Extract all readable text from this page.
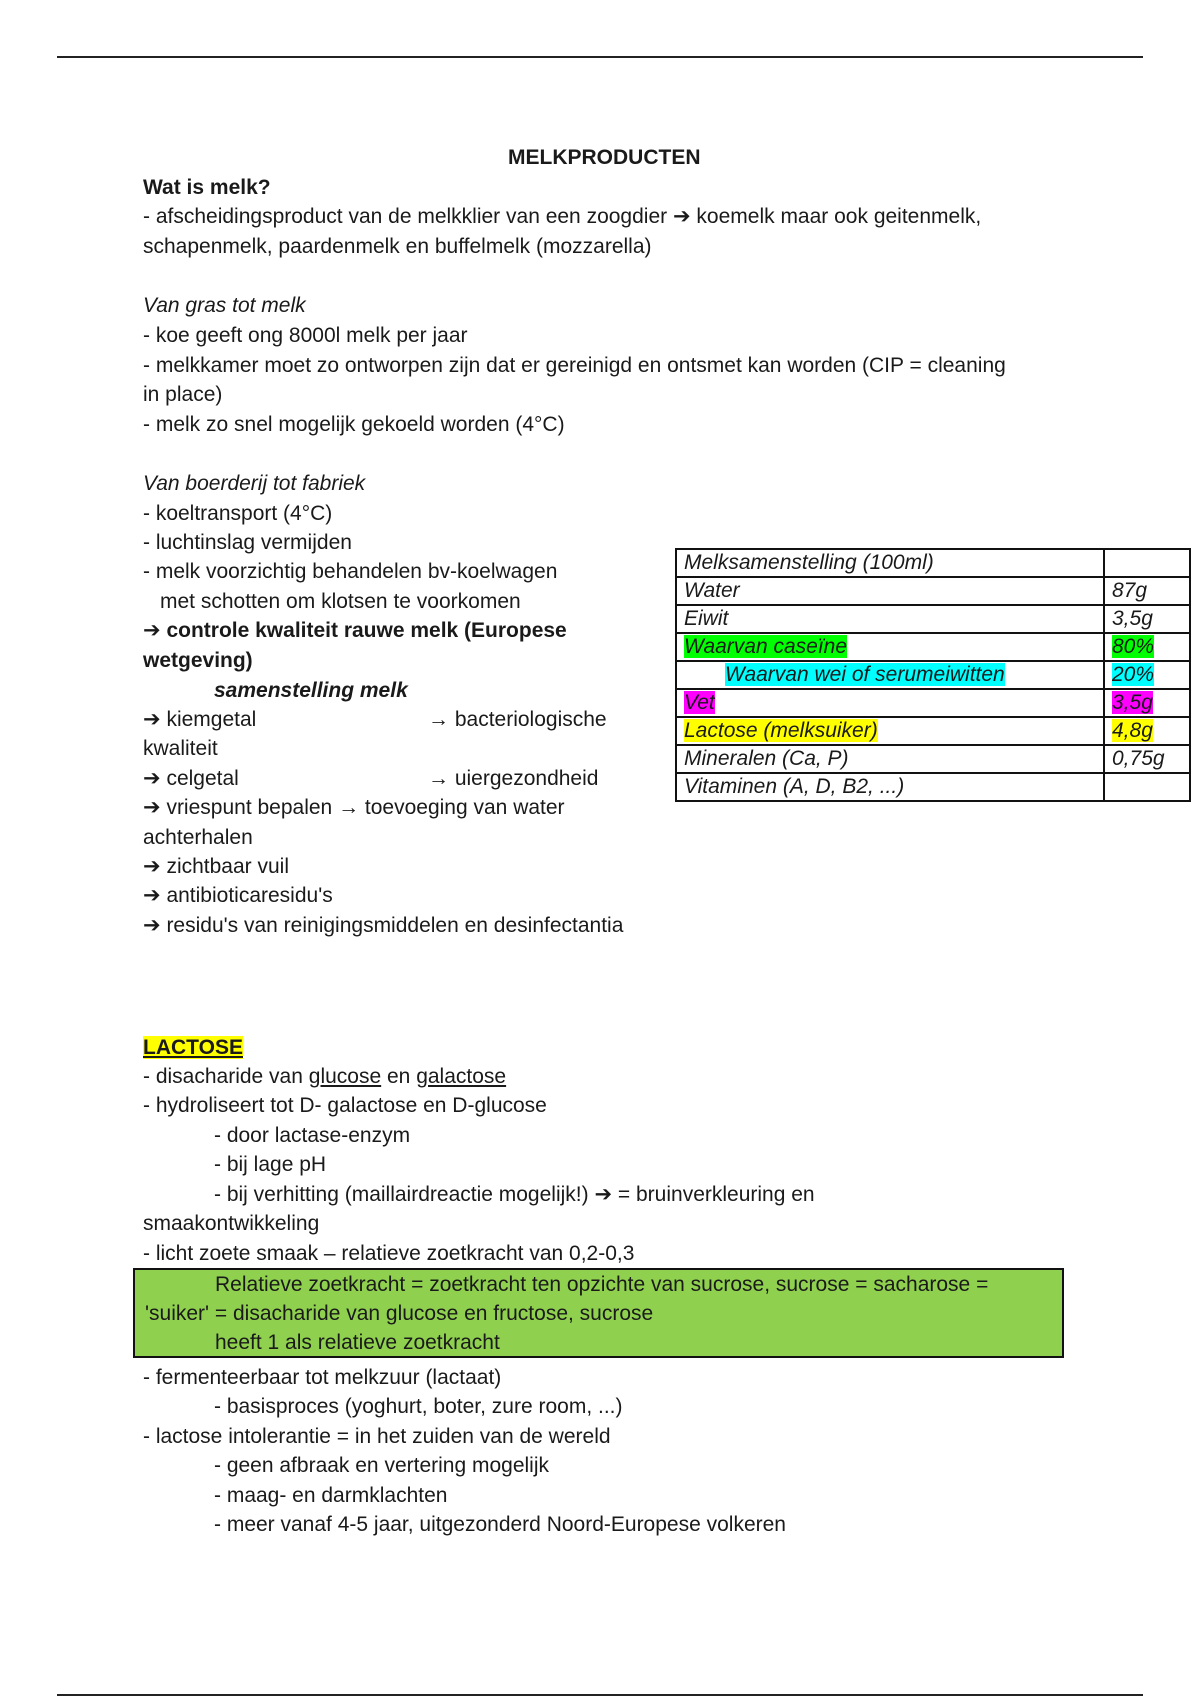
MELKPRODUCTEN
Wat is melk?
- afscheidingsproduct van de melkklier van een zoogdier ➔ koemelk maar ook geitenmelk,
schapenmelk, paardenmelk en buffelmelk (mozzarella)
Van gras tot melk
- koe geeft ong 8000l melk per jaar
- melkkamer moet zo ontworpen zijn dat er gereinigd en ontsmet kan worden (CIP = cleaning
in place)
- melk zo snel mogelijk gekoeld worden (4°C)
Van boerderij tot fabriek
- koeltransport (4°C)
- luchtinslag vermijden
- melk voorzichtig behandelen bv-koelwagen
met schotten om klotsen te voorkomen
➔ controle kwaliteit rauwe melk (Europese
wetgeving)
samenstelling melk
➔ kiemgetal	→ bacteriologische
kwaliteit
➔ celgetal	→ uiergezondheid
➔ vriespunt bepalen → toevoeging van water
achterhalen
➔ zichtbaar vuil
➔ antibioticaresidu's
➔ residu's van reinigingsmiddelen en desinfectantia
Melksamenstelling (100ml)	
Water	87g
Eiwit	3,5g
Waarvan caseïne	80%
Waarvan wei of serumeiwitten	20%
Vet	3,5g
Lactose (melksuiker)	4,8g
Mineralen (Ca, P)	0,75g
Vitaminen (A, D, B2, ...)	
LACTOSE
- disacharide van glucose en galactose
- hydroliseert tot D- galactose en D-glucose
- door lactase-enzym
- bij lage pH
- bij verhitting (maillairdreactie mogelijk!) ➔ = bruinverkleuring en
smaakontwikkeling
- licht zoete smaak – relatieve zoetkracht van 0,2-0,3
Relatieve zoetkracht = zoetkracht ten opzichte van sucrose, sucrose = sacharose =
'suiker' = disacharide van glucose en fructose, sucrose
heeft 1 als relatieve zoetkracht
- fermenteerbaar tot melkzuur (lactaat)
- basisproces (yoghurt, boter, zure room, ...)
- lactose intolerantie = in het zuiden van de wereld
- geen afbraak en vertering mogelijk
- maag- en darmklachten
- meer vanaf 4-5 jaar, uitgezonderd Noord-Europese volkeren
